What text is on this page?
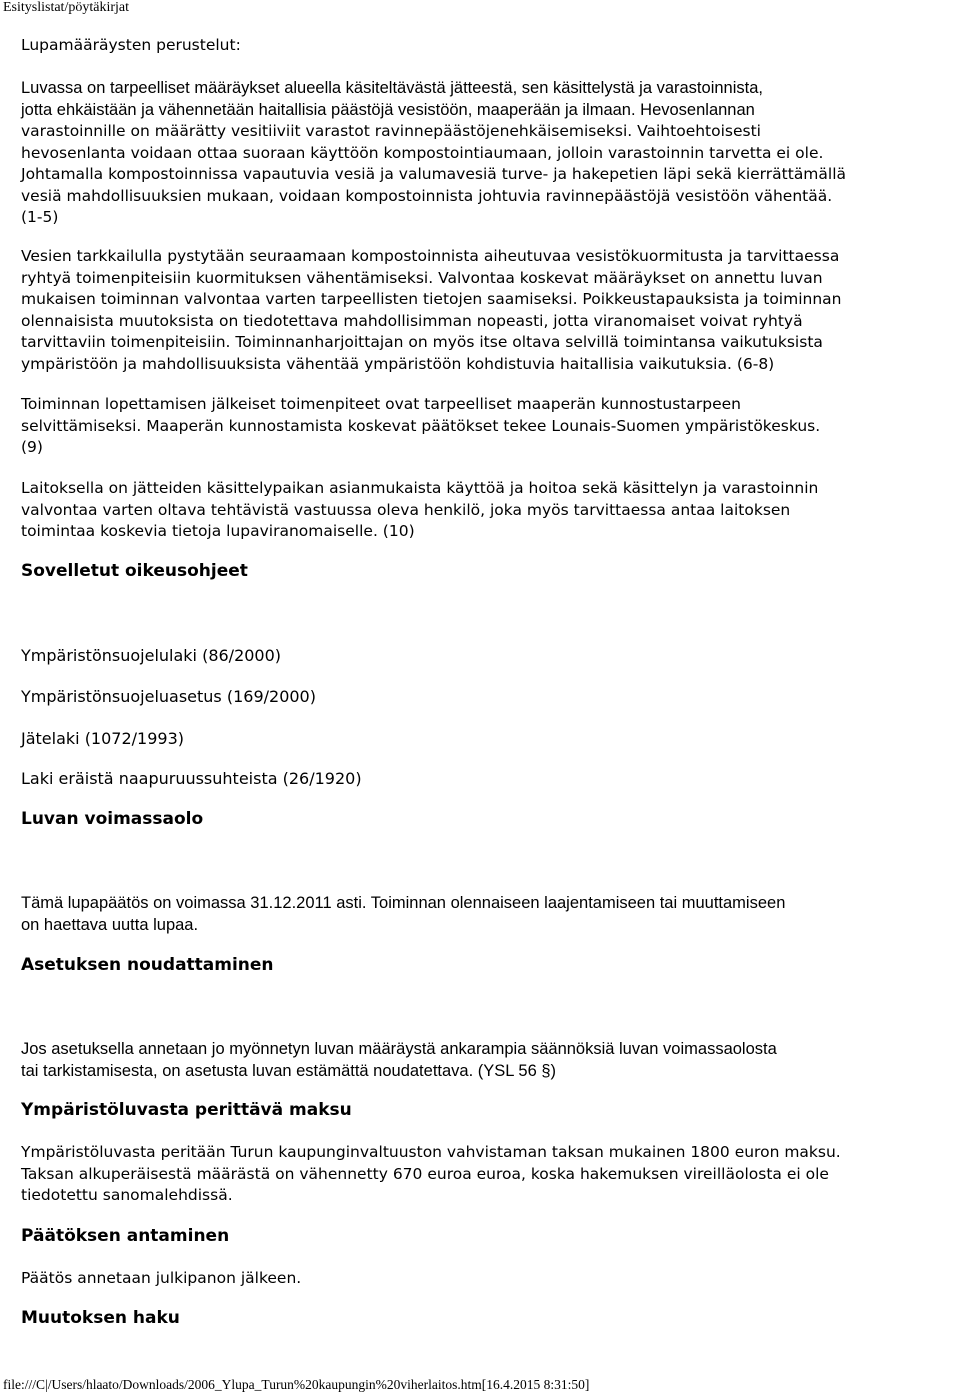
Esityslistat/pöytäkirjat
Lupamääräysten perustelut:
Luvassa on tarpeelliset määräykset alueella käsiteltävästä jätteestä, sen käsittelystä ja varastoinnista,
jotta ehkäistään ja vähennetään haitallisia päästöjä vesistöön, maaperään ja ilmaan. Hevosenlannan
varastoinnille on määrätty vesitiiviit varastot ravinnepäästöjenehkäisemiseksi. Vaihtoehtoisesti
hevosenlanta voidaan ottaa suoraan käyttöön kompostointiaumaan, jolloin varastoinnin tarvetta ei ole.
Johtamalla kompostoinnissa vapautuvia vesiä ja valumavesiä turve- ja hakepetien läpi sekä kierrättämällä
vesiä mahdollisuuksien mukaan, voidaan kompostoinnista johtuvia ravinnepäästöjä vesistöön vähentää.
(1-5)
Vesien tarkkailulla pystytään seuraamaan kompostoinnista aiheutuvaa vesistökuormitusta ja tarvittaessa
ryhtyä toimenpiteisiin kuormituksen vähentämiseksi. Valvontaa koskevat määräykset on annettu luvan
mukaisen toiminnan valvontaa varten tarpeellisten tietojen saamiseksi. Poikkeustapauksista ja toiminnan
olennaisista muutoksista on tiedotettava mahdollisimman nopeasti, jotta viranomaiset voivat ryhtyä
tarvittaviin toimenpiteisiin. Toiminnanharjoittajan on myös itse oltava selvillä toimintansa vaikutuksista
ympäristöön ja mahdollisuuksista vähentää ympäristöön kohdistuvia haitallisia vaikutuksia. (6-8)
Toiminnan lopettamisen jälkeiset toimenpiteet ovat tarpeelliset maaperän kunnostustarpeen
selvittämiseksi. Maaperän kunnostamista koskevat päätökset tekee Lounais-Suomen ympäristökeskus.
(9)
Laitoksella on jätteiden käsittelypaikan asianmukaista käyttöä ja hoitoa sekä käsittelyn ja varastoinnin
valvontaa varten oltava tehtävistä vastuussa oleva henkilö, joka myös tarvittaessa antaa laitoksen
toimintaa koskevia tietoja lupaviranomaiselle. (10)
Sovelletut oikeusohjeet
Ympäristönsuojelulaki (86/2000)
Ympäristönsuojeluasetus (169/2000)
Jätelaki (1072/1993)
Laki eräistä naapuruussuhteista (26/1920)
Luvan voimassaolo
Tämä lupapäätös on voimassa 31.12.2011 asti. Toiminnan olennaiseen laajentamiseen tai muuttamiseen
on haettava uutta lupaa.
Asetuksen noudattaminen
Jos asetuksella annetaan jo myönnetyn luvan määräystä ankarampia säännöksiä luvan voimassaolosta
tai tarkistamisesta, on asetusta luvan estämättä noudatettava. (YSL 56 §)
Ympäristöluvasta perittävä maksu
Ympäristöluvasta peritään Turun kaupunginvaltuuston vahvistaman taksan mukainen 1800 euron maksu.
Taksan alkuperäisestä määrästä on vähennetty 670 euroa euroa, koska hakemuksen vireilläolosta ei ole
tiedotettu sanomalehdissä.
Päätöksen antaminen
Päätös annetaan julkipanon jälkeen.
Muutoksen haku
file:///C|/Users/hlaato/Downloads/2006_Ylupa_Turun%20kaupungin%20viherlaitos.htm[16.4.2015 8:31:50]
